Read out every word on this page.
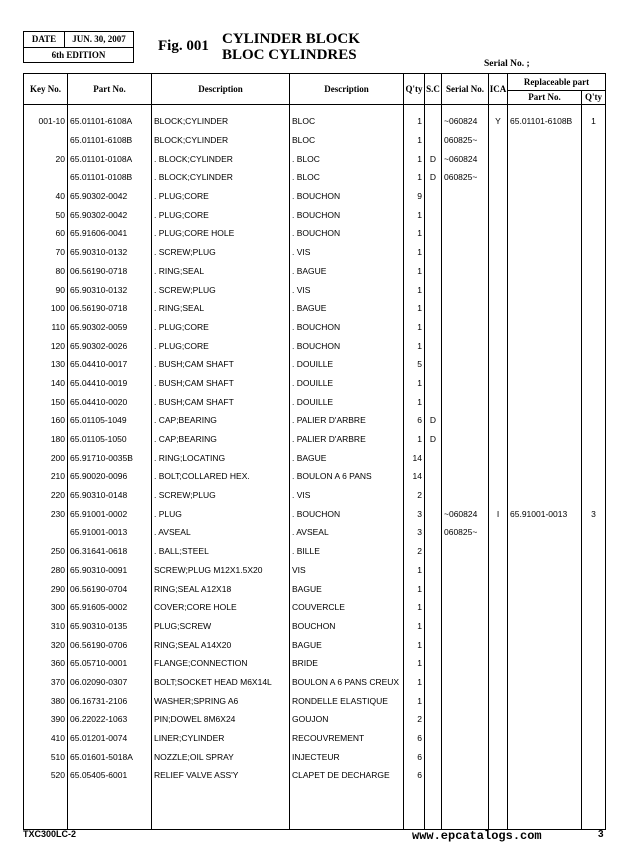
DATE	JUN. 30, 2007
6th EDITION
Fig. 001 CYLINDER BLOCK
BLOC CYLINDRES
Serial No. ;
Key No.	Part No.	Description	Description	Q'ty	S.C	Serial No.	ICA	Replaceable part	
								Part No.	Q'ty
001-10	65.01101-6108A	BLOCK;CYLINDER	BLOC	1		~060824	Y	65.01101-6108B	1
	65.01101-6108B	BLOCK;CYLINDER	BLOC	1		060825~			
20	65.01101-0108A	. BLOCK;CYLINDER	. BLOC	1	D	~060824			
	65.01101-0108B	. BLOCK;CYLINDER	. BLOC	1	D	060825~			
40	65.90302-0042	. PLUG;CORE	. BOUCHON	9					
50	65.90302-0042	. PLUG;CORE	. BOUCHON	1					
60	65.91606-0041	. PLUG;CORE HOLE	. BOUCHON	1					
70	65.90310-0132	. SCREW;PLUG	. VIS	1					
80	06.56190-0718	. RING;SEAL	. BAGUE	1					
90	65.90310-0132	. SCREW;PLUG	. VIS	1					
100	06.56190-0718	. RING;SEAL	. BAGUE	1					
110	65.90302-0059	. PLUG;CORE	. BOUCHON	1					
120	65.90302-0026	. PLUG;CORE	. BOUCHON	1					
130	65.04410-0017	. BUSH;CAM SHAFT	. DOUILLE	5					
140	65.04410-0019	. BUSH;CAM SHAFT	. DOUILLE	1					
150	65.04410-0020	. BUSH;CAM SHAFT	. DOUILLE	1					
160	65.01105-1049	. CAP;BEARING	. PALIER D'ARBRE	6	D				
180	65.01105-1050	. CAP;BEARING	. PALIER D'ARBRE	1	D				
200	65.91710-0035B	. RING;LOCATING	. BAGUE	14					
210	65.90020-0096	. BOLT;COLLARED HEX.	. BOULON A 6 PANS	14					
220	65.90310-0148	. SCREW;PLUG	. VIS	2					
230	65.91001-0002	. PLUG	. BOUCHON	3		~060824	I	65.91001-0013	3
	65.91001-0013	. AVSEAL	. AVSEAL	3		060825~			
250	06.31641-0618	. BALL;STEEL	. BILLE	2					
280	65.90310-0091	SCREW;PLUG M12X1.5X20	VIS	1					
290	06.56190-0704	RING;SEAL A12X18	BAGUE	1					
300	65.91605-0002	COVER;CORE HOLE	COUVERCLE	1					
310	65.90310-0135	PLUG;SCREW	BOUCHON	1					
320	06.56190-0706	RING;SEAL A14X20	BAGUE	1					
360	65.05710-0001	FLANGE;CONNECTION	BRIDE	1					
370	06.02090-0307	BOLT;SOCKET HEAD M6X14L	BOULON A 6 PANS CREUX	1					
380	06.16731-2106	WASHER;SPRING A6	RONDELLE ELASTIQUE	1					
390	06.22022-1063	PIN;DOWEL 8M6X24	GOUJON	2					
410	65.01201-0074	LINER;CYLINDER	RECOUVREMENT	6					
510	65.01601-5018A	NOZZLE;OIL SPRAY	INJECTEUR	6					
520	65.05405-6001	RELIEF VALVE ASS'Y	CLAPET DE DECHARGE	6					

TXC300LC-2	www.epcatalogs.com	3
